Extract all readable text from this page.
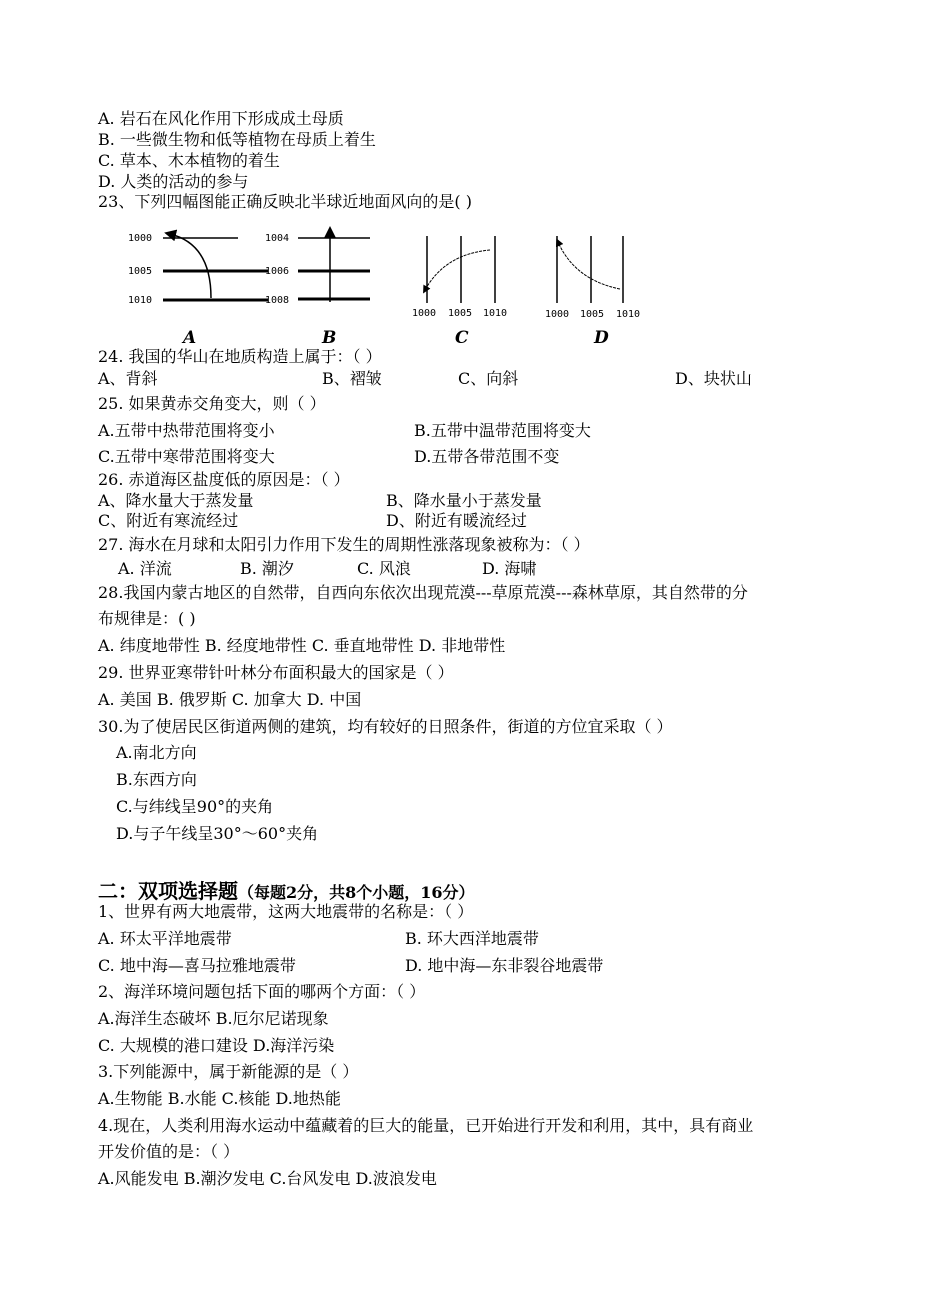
A. 岩石在风化作用下形成成土母质
B. 一些微生物和低等植物在母质上着生
C. 草本、木本植物的着生
D. 人类的活动的参与
23、下列四幅图能正确反映北半球近地面风向的是( )
1000
1005
1010
A
1004
1006
1008
B
1000 1005 1010
C
1000 1005 1010
D
24. 我国的华山在地质构造上属于：（ ）
A、背斜	B、褶皱	C、向斜	D、块状山
25. 如果黄赤交角变大，则（ ）
A.五带中热带范围将变小	B.五带中温带范围将变大
C.五带中寒带范围将变大	D.五带各带范围不变
26. 赤道海区盐度低的原因是：（ ）
A、降水量大于蒸发量	B、降水量小于蒸发量
C、附近有寒流经过	D、附近有暖流经过
27. 海水在月球和太阳引力作用下发生的周期性涨落现象被称为：（ ）
A. 洋流	B. 潮汐	C. 风浪	D. 海啸
28.我国内蒙古地区的自然带，自西向东依次出现荒漠---草原荒漠---森林草原，其自然带的分
布规律是：( )
A. 纬度地带性 B. 经度地带性 C. 垂直地带性 D. 非地带性
29. 世界亚寒带针叶林分布面积最大的国家是（ ）
A. 美国 B. 俄罗斯 C. 加拿大 D. 中国
30.为了使居民区街道两侧的建筑，均有较好的日照条件，街道的方位宜采取（ ）
A.南北方向
B.东西方向
C.与纬线呈90°的夹角
D.与子午线呈30°～60°夹角
二：双项选择题（每题2分，共8个小题，16分）
1、世界有两大地震带，这两大地震带的名称是：（ ）
A. 环太平洋地震带	B. 环大西洋地震带
C. 地中海—喜马拉雅地震带	D. 地中海—东非裂谷地震带
2、海洋环境问题包括下面的哪两个方面：（ ）
A.海洋生态破坏 B.厄尔尼诺现象
C. 大规模的港口建设 D.海洋污染
3.下列能源中，属于新能源的是（ ）
A.生物能 B.水能 C.核能 D.地热能
4.现在，人类利用海水运动中蕴藏着的巨大的能量，已开始进行开发和利用，其中，具有商业
开发价值的是：（ ）
A.风能发电 B.潮汐发电 C.台风发电 D.波浪发电
